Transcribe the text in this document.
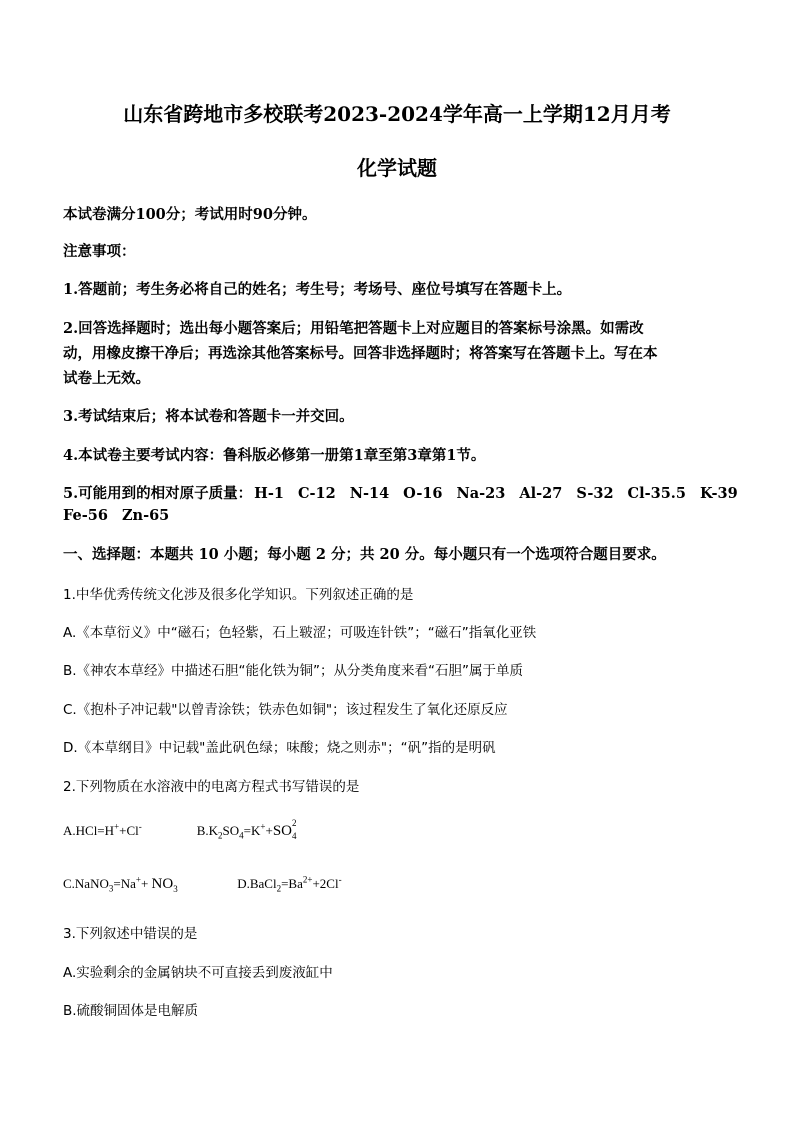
山东省跨地市多校联考2023-2024学年高一上学期12月月考
化学试题
本试卷满分100分；考试用时90分钟。
注意事项：
1.答题前；考生务必将自己的姓名；考生号；考场号、座位号填写在答题卡上。
2.回答选择题时；选出每小题答案后；用铅笔把答题卡上对应题目的答案标号涂黑。如需改
动，用橡皮擦干净后；再选涂其他答案标号。回答非选择题时；将答案写在答题卡上。写在本
试卷上无效。
3.考试结束后；将本试卷和答题卡一并交回。
4.本试卷主要考试内容：鲁科版必修第一册第1章至第3章第1节。
5.可能用到的相对原子质量： H-1 C-12 N-14 O-16 Na-23 Al-27 S-32 Cl-35.5 K-39
Fe-56 Zn-65
一、选择题：本题共 10 小题；每小题 2 分；共 20 分。每小题只有一个选项符合题目要求。
1.中华优秀传统文化涉及很多化学知识。下列叙述正确的是
A.《本草衍义》中“磁石；色轻紫，石上皲涩；可吸连针铁”；“磁石”指氧化亚铁
B.《神农本草经》中描述石胆“能化铁为铜”；从分类角度来看“石胆”属于单质
C.《抱朴子冲记载"以曾青涂铁；铁赤色如铜"；该过程发生了氧化还原反应
D.《本草纲目》中记载"盖此矾色绿；味酸；烧之则赤"；“矾”指的是明矾
2.下列物质在水溶液中的电离方程式书写错误的是
A.HCl=H++Cl-	$B.K_2SO_4=K^++SO$ 2
4
C.NaNO$_3$=Na++ NO 3	$D.BaCl_2=Ba^{2+}+2Cl^-$
3.下列叙述中错误的是
A.实验剩余的金属钠块不可直接丢到废液缸中
B.硫酸铜固体是电解质
